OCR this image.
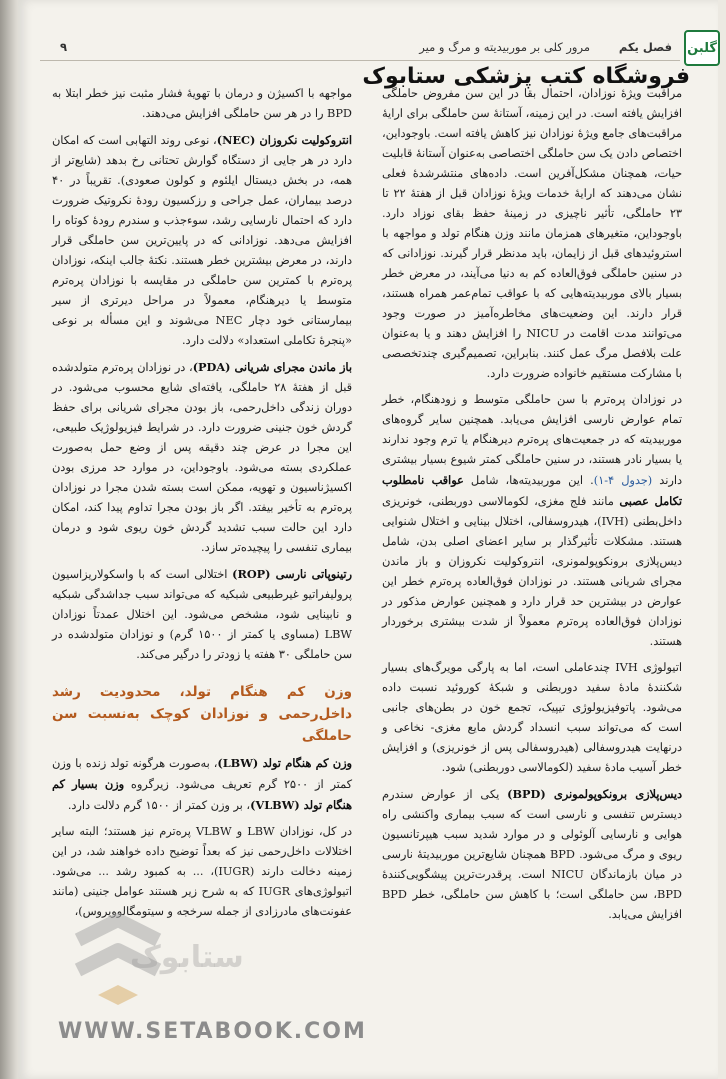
گلبن
فصل یکم
مرور کلی بر موربیدیته و مرگ و میر
۹
فروشگاه کتب پزشکی ستابوک

مراقبت ویژهٔ نوزادان، احتمال بقا در این سن مفروض حاملگی افزایش یافته است. در این زمینه، آستانهٔ سن حاملگی برای ارایهٔ مراقبت‌های جامع ویژهٔ نوزادان نیز کاهش یافته است. باوجوداین، اختصاص دادن یک سن حاملگی اختصاصی به‌عنوان آستانهٔ قابلیت حیات، همچنان مشکل‌آفرین است. داده‌های منتشرشدهٔ فعلی نشان می‌دهند که ارایهٔ خدمات ویژهٔ نوزادان قبل از هفتهٔ ۲۲ تا ۲۳ حاملگی، تأثیر ناچیزی در زمینهٔ حفظ بقای نوزاد دارد. باوجوداین، متغیرهای همزمان مانند وزن هنگام تولد و مواجهه با استروئیدهای قبل از زایمان، باید مدنظر قرار گیرند. نوزادانی که در سنین حاملگی فوق‌العاده کم به دنیا می‌آیند، در معرض خطر بسیار بالای موربیدیته‌هایی که با عواقب تمام‌عمر همراه هستند، قرار دارند. این وضعیت‌های مخاطره‌آمیز در صورت وجود می‌توانند مدت اقامت در NICU را افزایش دهند و یا به‌عنوان علت بلافصل مرگ عمل کنند. بنابراین، تصمیم‌گیری چندتخصصی با مشارکت مستقیم خانواده ضرورت دارد.

در نوزادان پره‌ترم با سن حاملگی متوسط و زودهنگام، خطر تمام عوارض نارسی افزایش می‌یابد. همچنین سایر گروه‌های موربیدیته که در جمعیت‌های پره‌ترم دیرهنگام یا ترم وجود ندارند یا بسیار نادر هستند، در سنین حاملگی کمتر شیوع بسیار بیشتری دارند (جدول ۴-۱). این موربیدیته‌ها، شامل عواقب نامطلوب تکامل عصبی مانند فلج مغزی، لکومالاسی دوربطنی، خونریزی داخل‌بطنی (IVH)، هیدروسفالی، اختلال بینایی و اختلال شنوایی هستند. مشکلات تأثیرگذار بر سایر اعضای اصلی بدن، شامل دیس‌پلازی برونکوپولمونری، انتروکولیت نکروزان و باز ماندن مجرای شریانی هستند. در نوزادان فوق‌العاده پره‌ترم خطر این عوارض در بیشترین حد قرار دارد و همچنین عوارض مذکور در نوزادان فوق‌العاده پره‌ترم معمولاً از شدت بیشتری برخوردار هستند.

اتیولوژی IVH چندعاملی است، اما به پارگی مویرگ‌های بسیار شکنندهٔ مادهٔ سفید دوربطنی و شبکهٔ کوروئید نسبت داده می‌شود. پاتوفیزیولوژی تیپیک، تجمع خون در بطن‌های جانبی است که می‌تواند سبب انسداد گردش مایع مغزی- نخاعی و درنهایت هیدروسفالی (هیدروسفالی پس از خونریزی) و افزایش خطر آسیب مادهٔ سفید (لکومالاسی دوربطنی) شود.

دیس‌پلازی برونکوپولمونری (BPD) یکی از عوارض سندرم دیسترس تنفسی و نارسی است که سبب بیماری واکنشی راه هوایی و نارسایی آلوئولی و در موارد شدید سبب هیپرتانسیون ریوی و مرگ می‌شود. BPD همچنان شایع‌ترین موربیدیتهٔ نارسی در میان بازماندگان NICU است. پرقدرت‌ترین پیشگویی‌کنندهٔ BPD، سن حاملگی است؛ با کاهش سن حاملگی، خطر BPD افزایش می‌یابد.

مواجهه با اکسیژن و درمان با تهویهٔ فشار مثبت نیز خطر ابتلا به BPD را در هر سن حاملگی افزایش می‌دهند.

انتروکولیت نکروزان (NEC)، نوعی روند التهابی است که امکان دارد در هر جایی از دستگاه گوارش تحتانی رخ بدهد (شایع‌تر از همه، در بخش دیستال ایلئوم و کولون صعودی). تقریباً در ۴۰ درصد بیماران، عمل جراحی و رزکسیون رودهٔ نکروتیک ضرورت دارد که احتمال نارسایی رشد، سوءجذب و سندرم رودهٔ کوتاه را افزایش می‌دهد. نوزادانی که در پایین‌ترین سن حاملگی قرار دارند، در معرض بیشترین خطر هستند. نکتهٔ جالب اینکه، نوزادان پره‌ترم با کمترین سن حاملگی در مقایسه با نوزادان پره‌ترم متوسط یا دیرهنگام، معمولاً در مراحل دیرتری از سیر بیمارستانی خود دچار NEC می‌شوند و این مسأله بر نوعی «پنجرهٔ تکاملی استعداد» دلالت دارد.

باز ماندن مجرای شریانی (PDA)، در نوزادان پره‌ترم متولدشده قبل از هفتهٔ ۲۸ حاملگی، یافته‌ای شایع محسوب می‌شود. در دوران زندگی داخل‌رحمی، باز بودن مجرای شریانی برای حفظ گردش خون جنینی ضرورت دارد. در شرایط فیزیولوژیک طبیعی، این مجرا در عرض چند دقیقه پس از وضع حمل به‌صورت عملکردی بسته می‌شود. باوجوداین، در موارد حد مرزی بودن اکسیژناسیون و تهویه، ممکن است بسته شدن مجرا در نوزادان پره‌ترم به تأخیر بیفتد. اگر باز بودن مجرا تداوم پیدا کند، امکان دارد این حالت سبب تشدید گردش خون ریوی شود و درمان بیماری تنفسی را پیچیده‌تر سازد.

رتینوپاتی نارسی (ROP) اختلالی است که با واسکولاریزاسیون پرولیفراتیو غیرطبیعی شبکیه که می‌تواند سبب جداشدگی شبکیه و نابینایی شود، مشخص می‌شود. این اختلال عمدتاً نوزادان LBW (مساوی یا کمتر از ۱۵۰۰ گرم) و نوزادان متولدشده در سن حاملگی ۳۰ هفته یا زودتر را درگیر می‌کند.

وزن کم هنگام تولد، محدودیت رشد داخل‌رحمی و نوزادان کوچک به‌نسبت سن حاملگی

وزن کم هنگام تولد (LBW)، به‌صورت هرگونه تولد زنده با وزن کمتر از ۲۵۰۰ گرم تعریف می‌شود. زیرگروه وزن بسیار کم هنگام تولد (VLBW)، بر وزن کمتر از ۱۵۰۰ گرم دلالت دارد.

در کل، نوزادان LBW و VLBW پره‌ترم نیز هستند؛ البته سایر اختلالات داخل‌رحمی نیز که بعداً توضیح داده خواهند شد، در این زمینه دخالت دارند (IUGR)، ... به کمبود رشد ... می‌شود. اتیولوژی‌های IUGR که به شرح زیر هستند عوامل جنینی (مانند عفونت‌های مادرزادی از جمله سرخجه و سیتومگالوویروس)،

ستابوک
WWW.SETABOOK.COM
